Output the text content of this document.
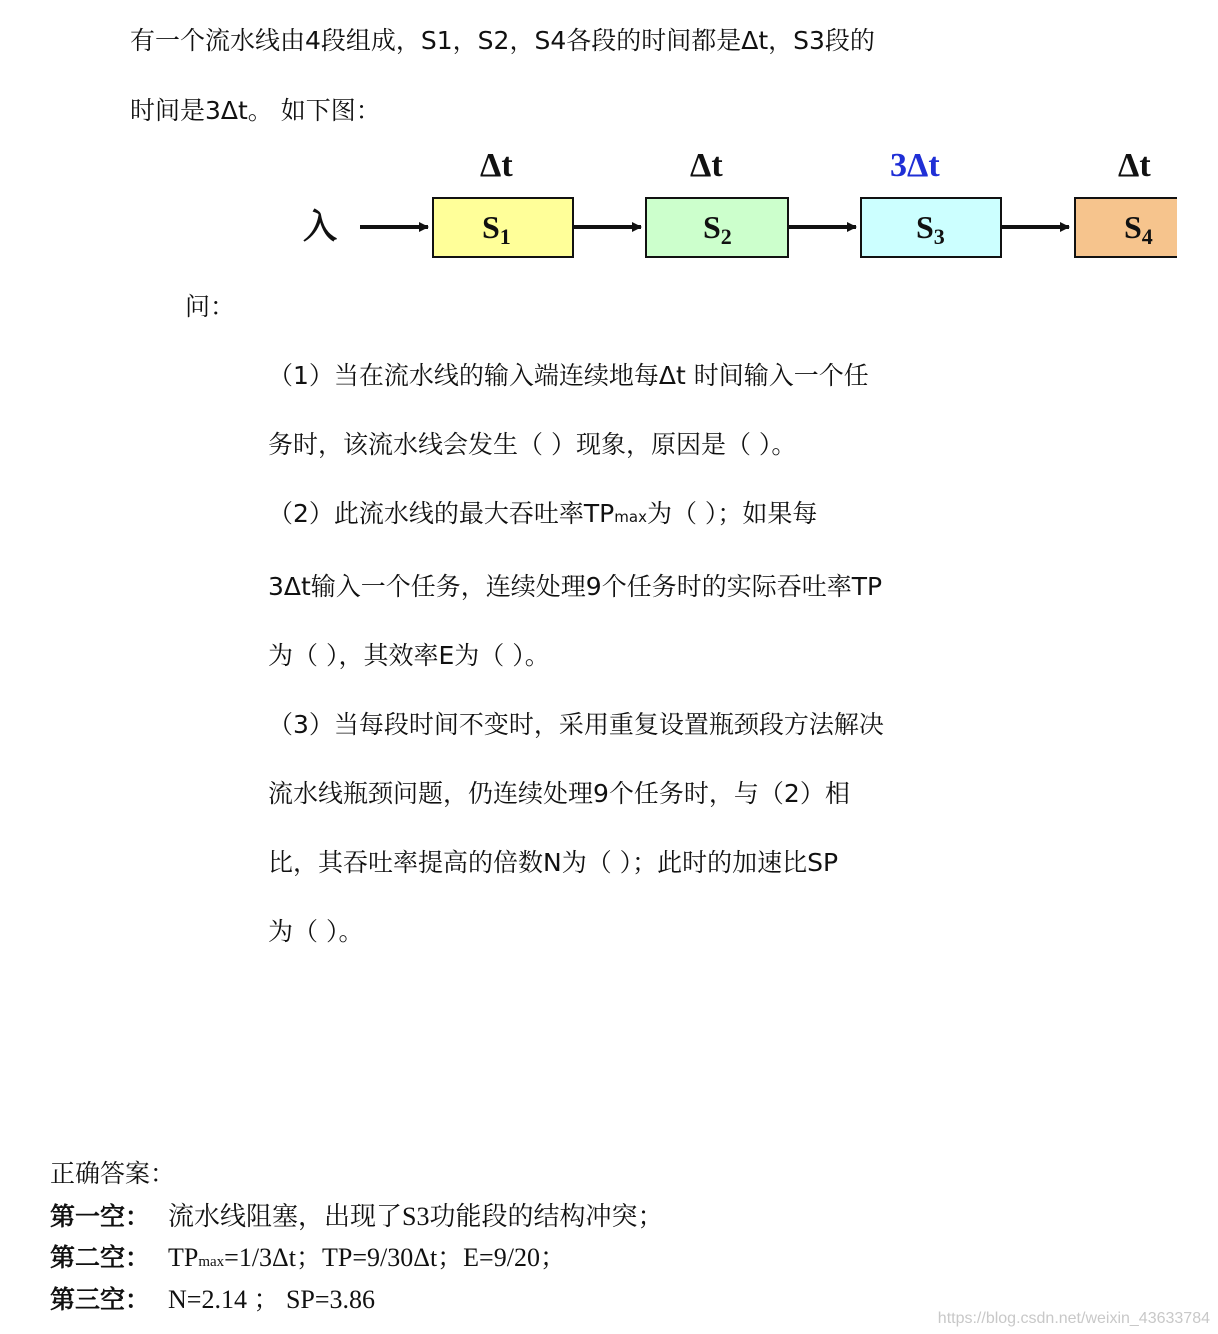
有一个流水线由4段组成，S1，S2，S4各段的时间都是Δt，S3段的
时间是3Δt。 如下图：
入
Δt
S1
Δt
S2
3Δt
S3
Δt
S4
问：
（1）当在流水线的输入端连续地每Δt 时间输入一个任
务时，该流水线会发生（ ）现象，原因是（ ）。
（2）此流水线的最大吞吐率TPmax为（ ）；如果每
3Δt输入一个任务，连续处理9个任务时的实际吞吐率TP
为（ ），其效率E为（ ）。
（3）当每段时间不变时，采用重复设置瓶颈段方法解决
流水线瓶颈问题，仍连续处理9个任务时，与（2）相
比，其吞吐率提高的倍数N为（ ）；此时的加速比SP
为（ ）。
正确答案：
第一空： 流水线阻塞，出现了S3功能段的结构冲突；
第二空： TPmax=1/3Δt；TP=9/30Δt；E=9/20；
第三空： N=2.14 ； SP=3.86
https://blog.csdn.net/weixin_43633784
